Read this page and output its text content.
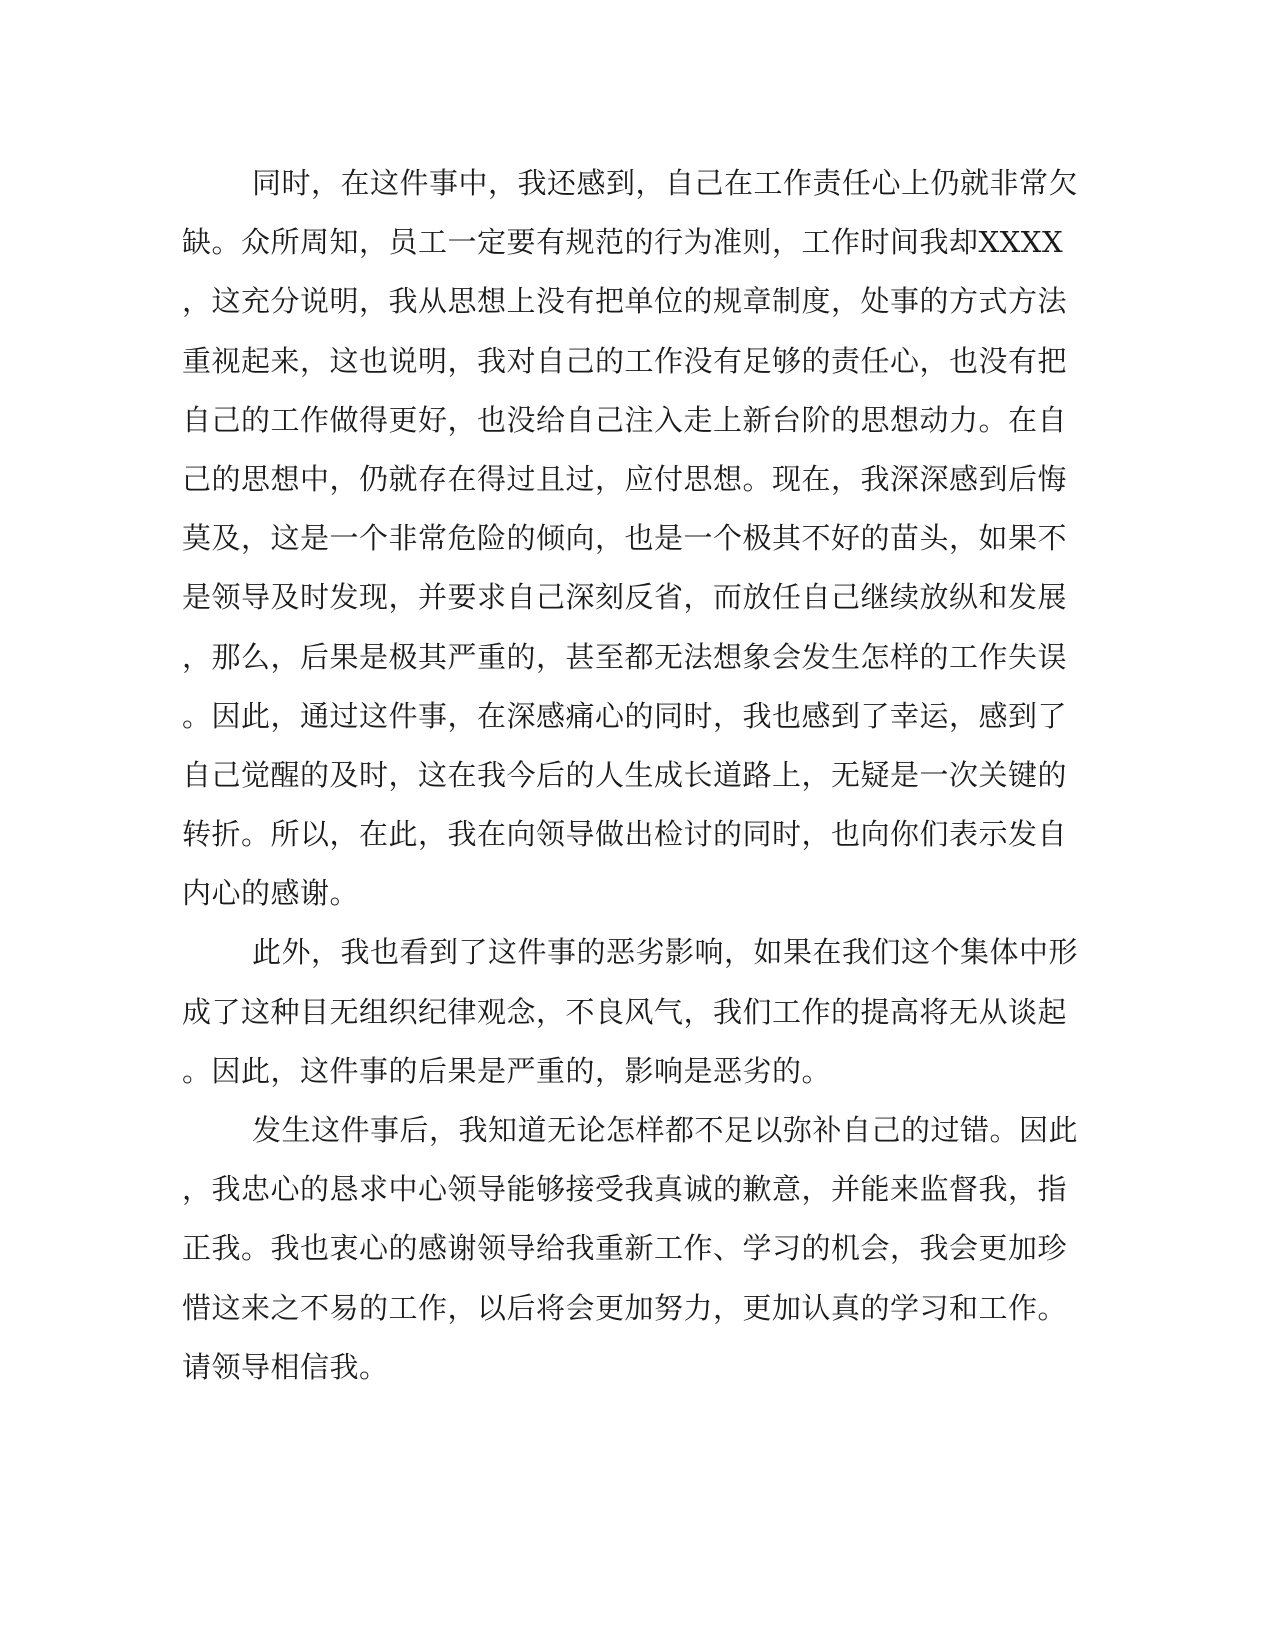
同时，在这件事中，我还感到，自己在工作责任心上仍就非常欠
缺。众所周知，员工一定要有规范的行为准则，工作时间我却XXXX
，这充分说明，我从思想上没有把单位的规章制度，处事的方式方法
重视起来，这也说明，我对自己的工作没有足够的责任心，也没有把
自己的工作做得更好，也没给自己注入走上新台阶的思想动力。在自
己的思想中，仍就存在得过且过，应付思想。现在，我深深感到后悔
莫及，这是一个非常危险的倾向，也是一个极其不好的苗头，如果不
是领导及时发现，并要求自己深刻反省，而放任自己继续放纵和发展
，那么，后果是极其严重的，甚至都无法想象会发生怎样的工作失误
。因此，通过这件事，在深感痛心的同时，我也感到了幸运，感到了
自己觉醒的及时，这在我今后的人生成长道路上，无疑是一次关键的
转折。所以，在此，我在向领导做出检讨的同时，也向你们表示发自
内心的感谢。
此外，我也看到了这件事的恶劣影响，如果在我们这个集体中形
成了这种目无组织纪律观念，不良风气，我们工作的提高将无从谈起
。因此，这件事的后果是严重的，影响是恶劣的。
发生这件事后，我知道无论怎样都不足以弥补自己的过错。因此
，我忠心的恳求中心领导能够接受我真诚的歉意，并能来监督我，指
正我。我也衷心的感谢领导给我重新工作、学习的机会，我会更加珍
惜这来之不易的工作，以后将会更加努力，更加认真的学习和工作。
请领导相信我。
